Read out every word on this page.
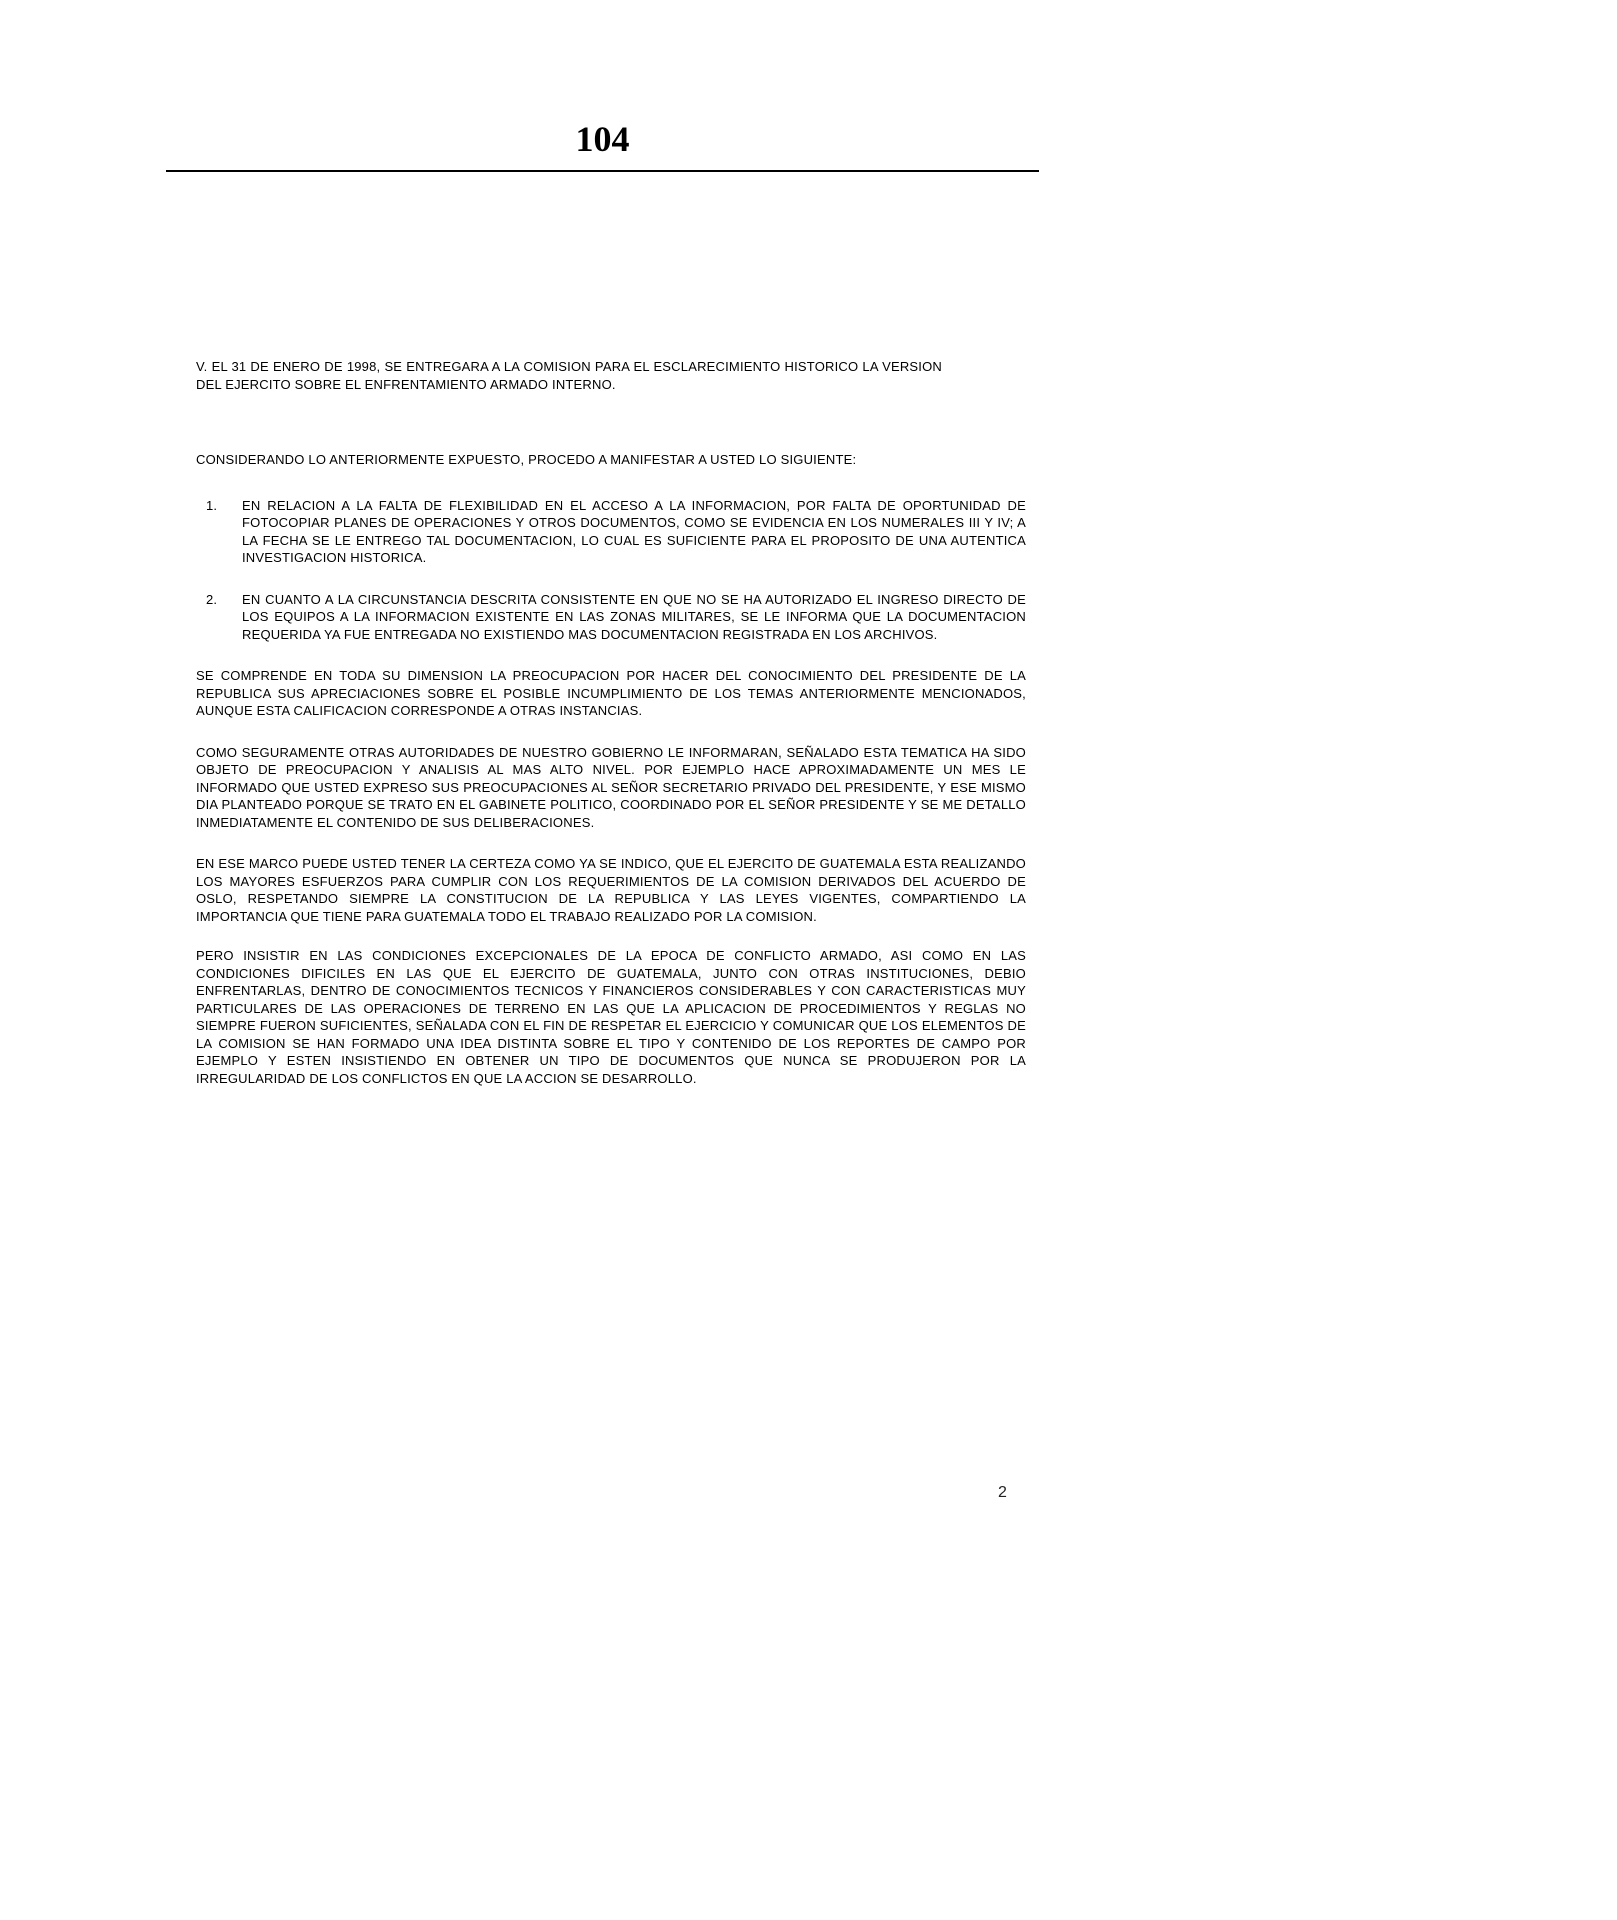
104

V. EL 31 DE ENERO DE 1998, SE ENTREGARA A LA COMISION PARA EL ESCLARECIMIENTO HISTORICO LA VERSION DEL EJERCITO SOBRE EL ENFRENTAMIENTO ARMADO INTERNO.

CONSIDERANDO LO ANTERIORMENTE EXPUESTO, PROCEDO A MANIFESTAR A USTED LO SIGUIENTE:

1. EN RELACION A LA FALTA DE FLEXIBILIDAD EN EL ACCESO A LA INFORMACION, POR FALTA DE OPORTUNIDAD DE FOTOCOPIAR PLANES DE OPERACIONES Y OTROS DOCUMENTOS, COMO SE EVIDENCIA EN LOS NUMERALES III Y IV; A LA FECHA SE LE ENTREGO TAL DOCUMENTACION, LO CUAL ES SUFICIENTE PARA EL PROPOSITO DE UNA AUTENTICA INVESTIGACION HISTORICA.

2. EN CUANTO A LA CIRCUNSTANCIA DESCRITA CONSISTENTE EN QUE NO SE HA AUTORIZADO EL INGRESO DIRECTO DE LOS EQUIPOS A LA INFORMACION EXISTENTE EN LAS ZONAS MILITARES, SE LE INFORMA QUE LA DOCUMENTACION REQUERIDA YA FUE ENTREGADA NO EXISTIENDO MAS DOCUMENTACION REGISTRADA EN LOS ARCHIVOS.

SE COMPRENDE EN TODA SU DIMENSION LA PREOCUPACION POR HACER DEL CONOCIMIENTO DEL PRESIDENTE DE LA REPUBLICA SUS APRECIACIONES SOBRE EL POSIBLE INCUMPLIMIENTO DE LOS TEMAS ANTERIORMENTE MENCIONADOS, AUNQUE ESTA CALIFICACION CORRESPONDE A OTRAS INSTANCIAS.

COMO SEGURAMENTE OTRAS AUTORIDADES DE NUESTRO GOBIERNO LE INFORMARAN, SEÑALADO ESTA TEMATICA HA SIDO OBJETO DE PREOCUPACION Y ANALISIS AL MAS ALTO NIVEL. POR EJEMPLO HACE APROXIMADAMENTE UN MES LE INFORMADO QUE USTED EXPRESO SUS PREOCUPACIONES AL SEÑOR SECRETARIO PRIVADO DEL PRESIDENTE, Y ESE MISMO DIA PLANTEADO PORQUE SE TRATO EN EL GABINETE POLITICO, COORDINADO POR EL SEÑOR PRESIDENTE Y SE ME DETALLO INMEDIATAMENTE EL CONTENIDO DE SUS DELIBERACIONES.

EN ESE MARCO PUEDE USTED TENER LA CERTEZA COMO YA SE INDICO, QUE EL EJERCITO DE GUATEMALA ESTA REALIZANDO LOS MAYORES ESFUERZOS PARA CUMPLIR CON LOS REQUERIMIENTOS DE LA COMISION DERIVADOS DEL ACUERDO DE OSLO, RESPETANDO SIEMPRE LA CONSTITUCION DE LA REPUBLICA Y LAS LEYES VIGENTES, COMPARTIENDO LA IMPORTANCIA QUE TIENE PARA GUATEMALA TODO EL TRABAJO REALIZADO POR LA COMISION.

PERO INSISTIR EN LAS CONDICIONES EXCEPCIONALES DE LA EPOCA DE CONFLICTO ARMADO, ASI COMO EN LAS CONDICIONES DIFICILES EN LAS QUE EL EJERCITO DE GUATEMALA, JUNTO CON OTRAS INSTITUCIONES, DEBIO ENFRENTARLAS, DENTRO DE CONOCIMIENTOS TECNICOS Y FINANCIEROS CONSIDERABLES Y CON CARACTERISTICAS MUY PARTICULARES DE LAS OPERACIONES DE TERRENO EN LAS QUE LA APLICACION DE PROCEDIMIENTOS Y REGLAS NO SIEMPRE FUERON SUFICIENTES, SEÑALADA CON EL FIN DE RESPETAR EL EJERCICIO Y COMUNICAR QUE LOS ELEMENTOS DE LA COMISION SE HAN FORMADO UNA IDEA DISTINTA SOBRE EL TIPO Y CONTENIDO DE LOS REPORTES DE CAMPO POR EJEMPLO Y ESTEN INSISTIENDO EN OBTENER UN TIPO DE DOCUMENTOS QUE NUNCA SE PRODUJERON POR LA IRREGULARIDAD DE LOS CONFLICTOS EN QUE LA ACCION SE DESARROLLO.

2
